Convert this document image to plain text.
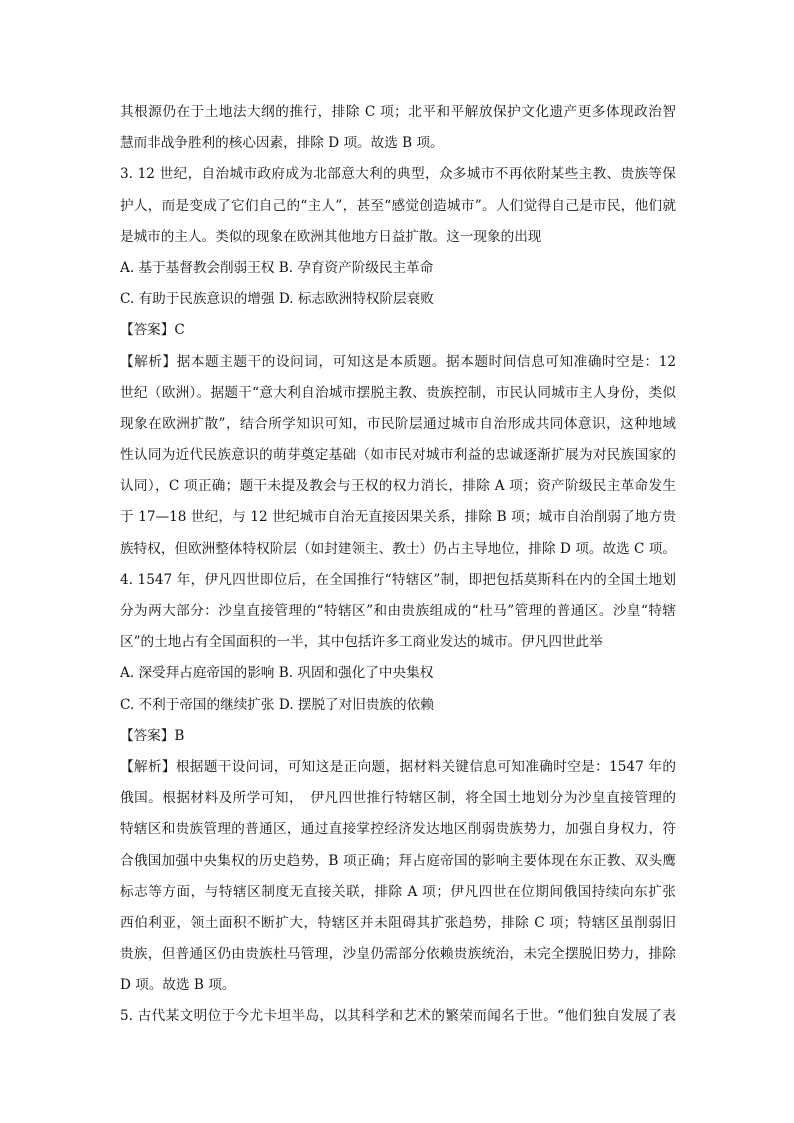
其根源仍在于土地法大纲的推行，排除 C 项；北平和平解放保护文化遗产更多体现政治智
慧而非战争胜利的核心因素，排除 D 项。故选 B 项。
3. 12 世纪，自治城市政府成为北部意大利的典型，众多城市不再依附某些主教、贵族等保
护人，而是变成了它们自己的“主人”，甚至“感觉创造城市”。人们觉得自己是市民，他们就
是城市的主人。类似的现象在欧洲其他地方日益扩散。这一现象的出现
A. 基于基督教会削弱王权 B. 孕育资产阶级民主革命
C. 有助于民族意识的增强 D. 标志欧洲特权阶层衰败
【答案】C
【解析】据本题主题干的设问词，可知这是本质题。据本题时间信息可知准确时空是：12
世纪（欧洲）。据题干“意大利自治城市摆脱主教、贵族控制，市民认同城市主人身份，类似
现象在欧洲扩散”，结合所学知识可知，市民阶层通过城市自治形成共同体意识，这种地域
性认同为近代民族意识的萌芽奠定基础（如市民对城市利益的忠诚逐渐扩展为对民族国家的
认同），C 项正确；题干未提及教会与王权的权力消长，排除 A 项；资产阶级民主革命发生
于 17—18 世纪，与 12 世纪城市自治无直接因果关系，排除 B 项；城市自治削弱了地方贵
族特权，但欧洲整体特权阶层（如封建领主、教士）仍占主导地位，排除 D 项。故选 C 项。
4. 1547 年，伊凡四世即位后，在全国推行“特辖区”制，即把包括莫斯科在内的全国土地划
分为两大部分：沙皇直接管理的“特辖区”和由贵族组成的“杜马”管理的普通区。沙皇“特辖
区”的土地占有全国面积的一半，其中包括许多工商业发达的城市。伊凡四世此举
A. 深受拜占庭帝国的影响 B. 巩固和强化了中央集权
C. 不利于帝国的继续扩张 D. 摆脱了对旧贵族的依赖
【答案】B
【解析】根据题干设问词，可知这是正向题，据材料关键信息可知准确时空是：1547 年的
俄国。根据材料及所学可知，　伊凡四世推行特辖区制，将全国土地划分为沙皇直接管理的
特辖区和贵族管理的普通区，通过直接掌控经济发达地区削弱贵族势力，加强自身权力，符
合俄国加强中央集权的历史趋势，B 项正确；拜占庭帝国的影响主要体现在东正教、双头鹰
标志等方面，与特辖区制度无直接关联，排除 A 项；伊凡四世在位期间俄国持续向东扩张
西伯利亚，领土面积不断扩大，特辖区并未阻碍其扩张趋势，排除 C 项；特辖区虽削弱旧
贵族，但普通区仍由贵族杜马管理，沙皇仍需部分依赖贵族统治，未完全摆脱旧势力，排除
D 项。故选 B 项。
5. 古代某文明位于今尤卡坦半岛，以其科学和艺术的繁荣而闻名于世。“他们独自发展了表
